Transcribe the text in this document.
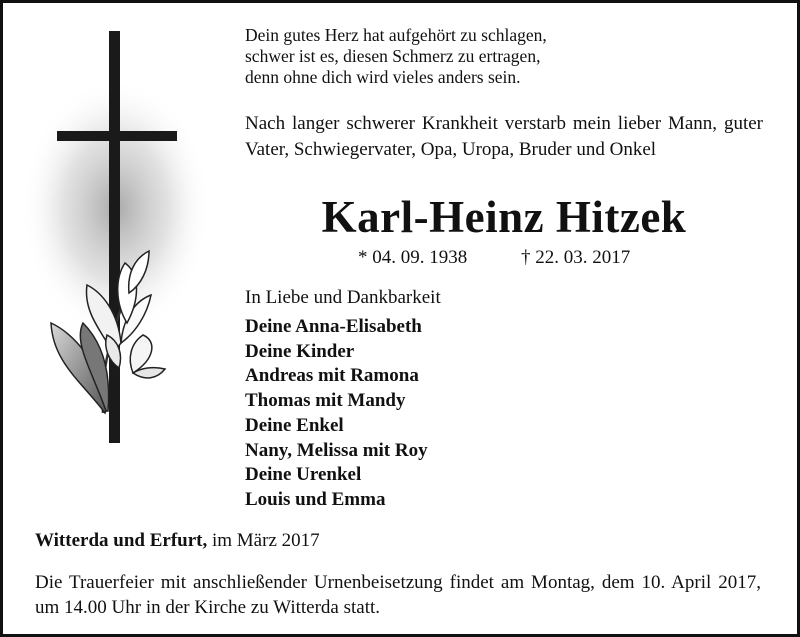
Dein gutes Herz hat aufgehört zu schlagen,
schwer ist es, diesen Schmerz zu ertragen,
denn ohne dich wird vieles anders sein.
Nach langer schwerer Krankheit verstarb mein lieber Mann, guter Vater, Schwiegervater, Opa, Uropa, Bruder und Onkel
Karl-Heinz Hitzek
* 04. 09. 1938	† 22. 03. 2017
In Liebe und Dankbarkeit
Deine Anna-Elisabeth
Deine Kinder
Andreas mit Ramona
Thomas mit Mandy
Deine Enkel
Nany, Melissa mit Roy
Deine Urenkel
Louis und Emma
Witterda und Erfurt, im März 2017
Die Trauerfeier mit anschließender Urnenbeisetzung findet am Montag, dem 10. April 2017, um 14.00 Uhr in der Kirche zu Witterda statt.
